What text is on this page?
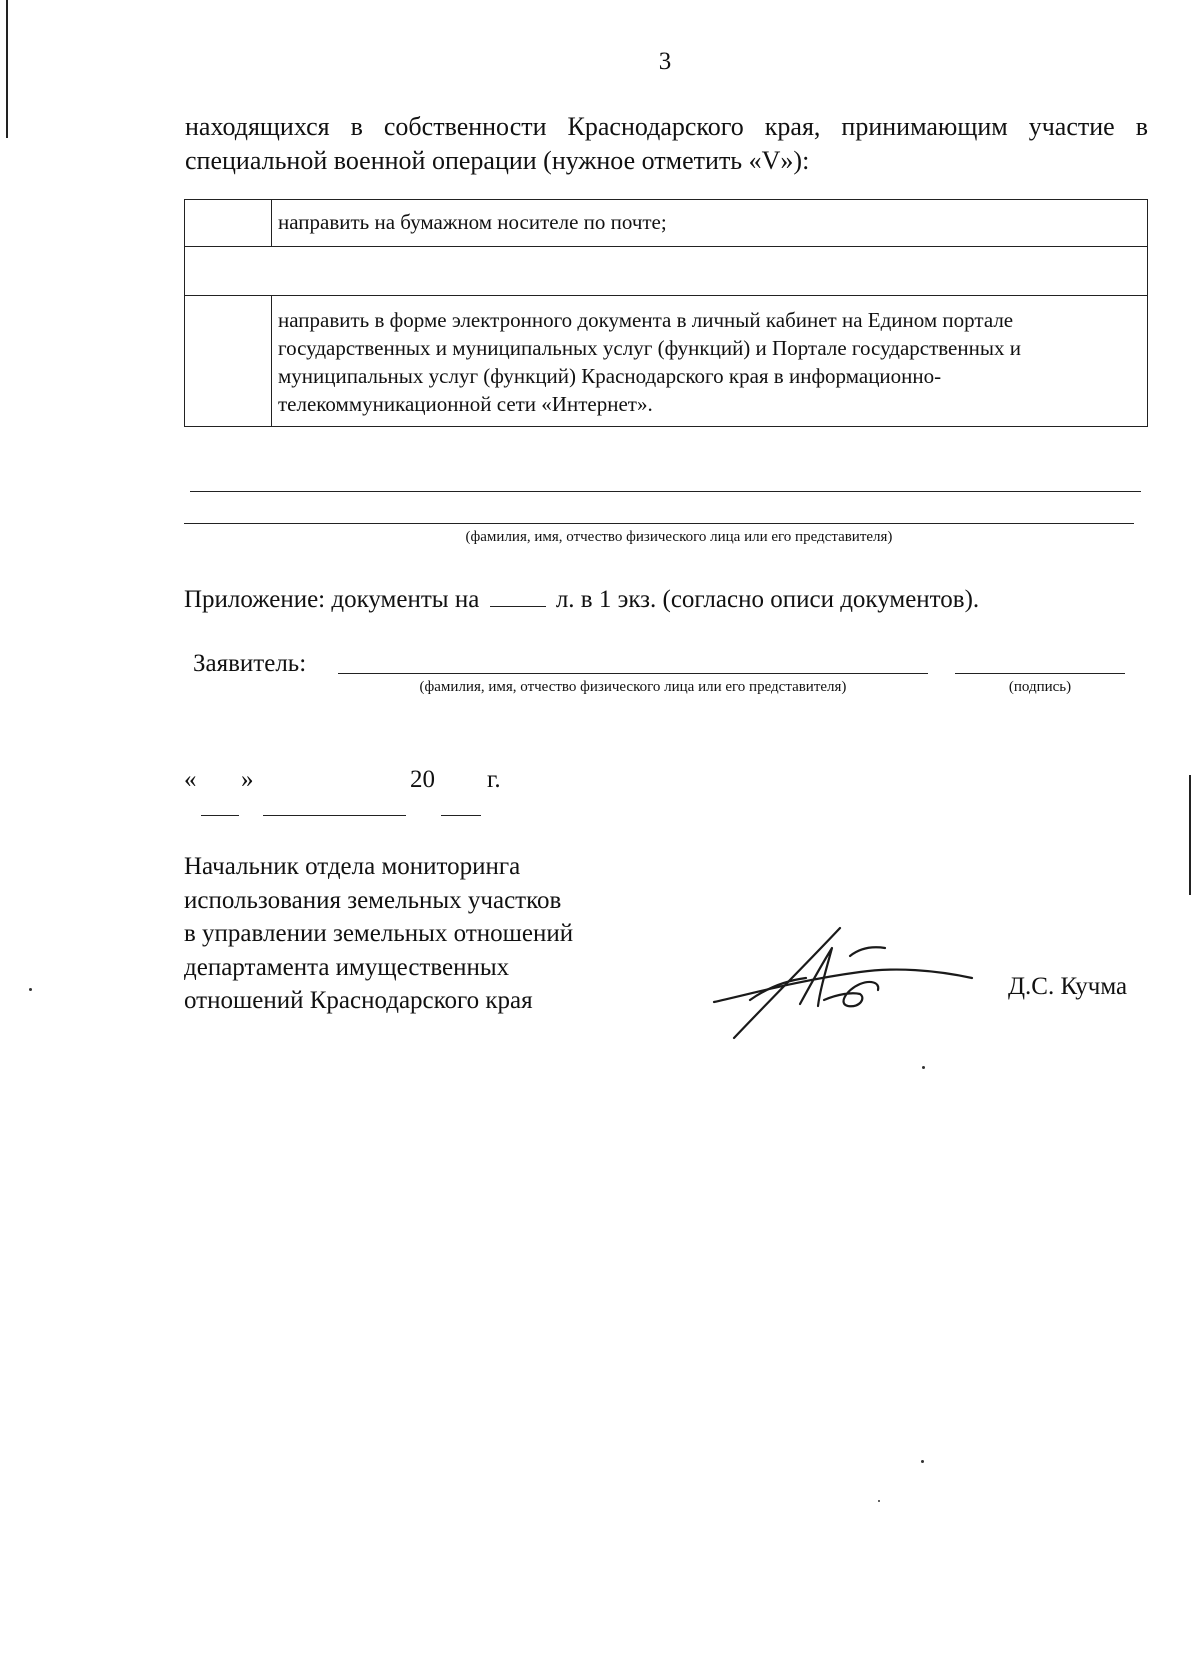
3
находящихся в собственности Краснодарского края, принимающим участие в специальной военной операции (нужное отметить «V»):
	направить на бумажном носителе по почте;

	направить в форме электронного документа в личный кабинет на Едином портале государственных и муниципальных услуг (функций) и Портале государственных и муниципальных услуг (функций) Краснодарского края в информационно-телекоммуникационной сети «Интернет».
(фамилия, имя, отчество физического лица или его представителя)
Приложение: документы на	л. в 1 экз. (согласно описи документов).
Заявитель:
(фамилия, имя, отчество физического лица или его представителя)	(подпись)
« »	20 г.
Начальник отдела мониторинга
использования земельных участков
в управлении земельных отношений
департамента имущественных
отношений Краснодарского края
Д.С. Кучма
